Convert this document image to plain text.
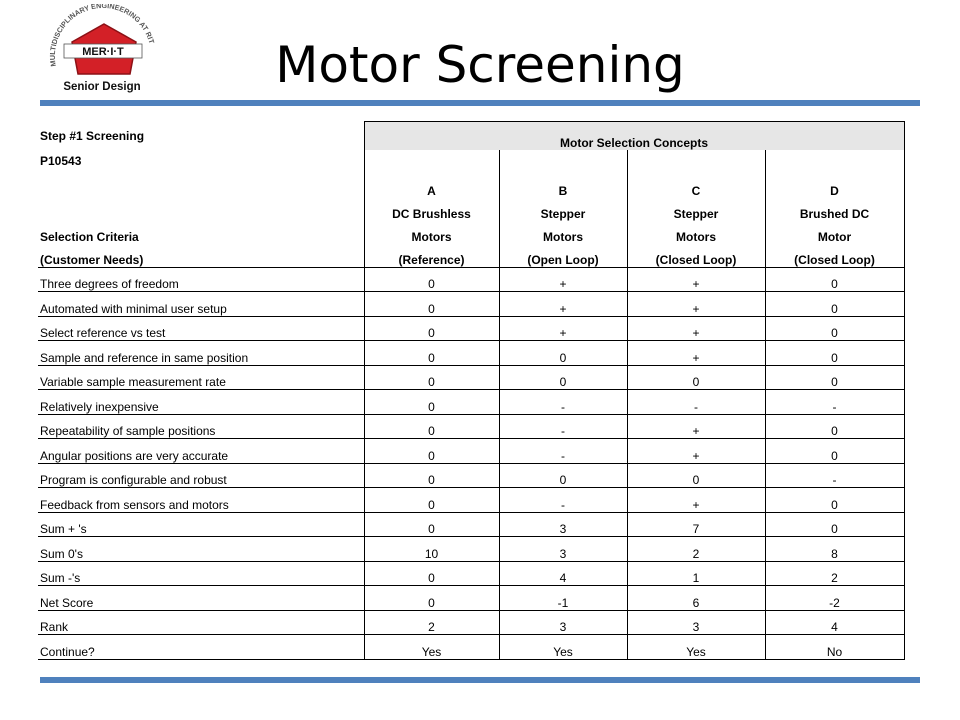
MULTIDISCIPLINARY ENGINEERING AT RIT
MER·I·T
Senior Design	Motor Screening
Step #1 Screening	Motor Selection Concepts			
P10543	A	B	C	D
	DC Brushless	Stepper	Stepper	Brushed DC
Selection Criteria	Motors	Motors	Motors	Motor
(Customer Needs)	(Reference)	(Open Loop)	(Closed Loop)	(Closed Loop)
Three degrees of freedom	0	+	+	0
Automated with minimal user setup	0	+	+	0
Select reference vs test	0	+	+	0
Sample and reference in same position	0	0	+	0
Variable sample measurement rate	0	0	0	0
Relatively inexpensive	0	-	-	-
Repeatability of sample positions	0	-	+	0
Angular positions are very accurate	0	-	+	0
Program is configurable and robust	0	0	0	-
Feedback from sensors and motors	0	-	+	0
Sum + 's	0	3	7	0
Sum 0's	10	3	2	8
Sum -'s	0	4	1	2
Net Score	0	-1	6	-2
Rank	2	3	3	4
Continue?	Yes	Yes	Yes	No
